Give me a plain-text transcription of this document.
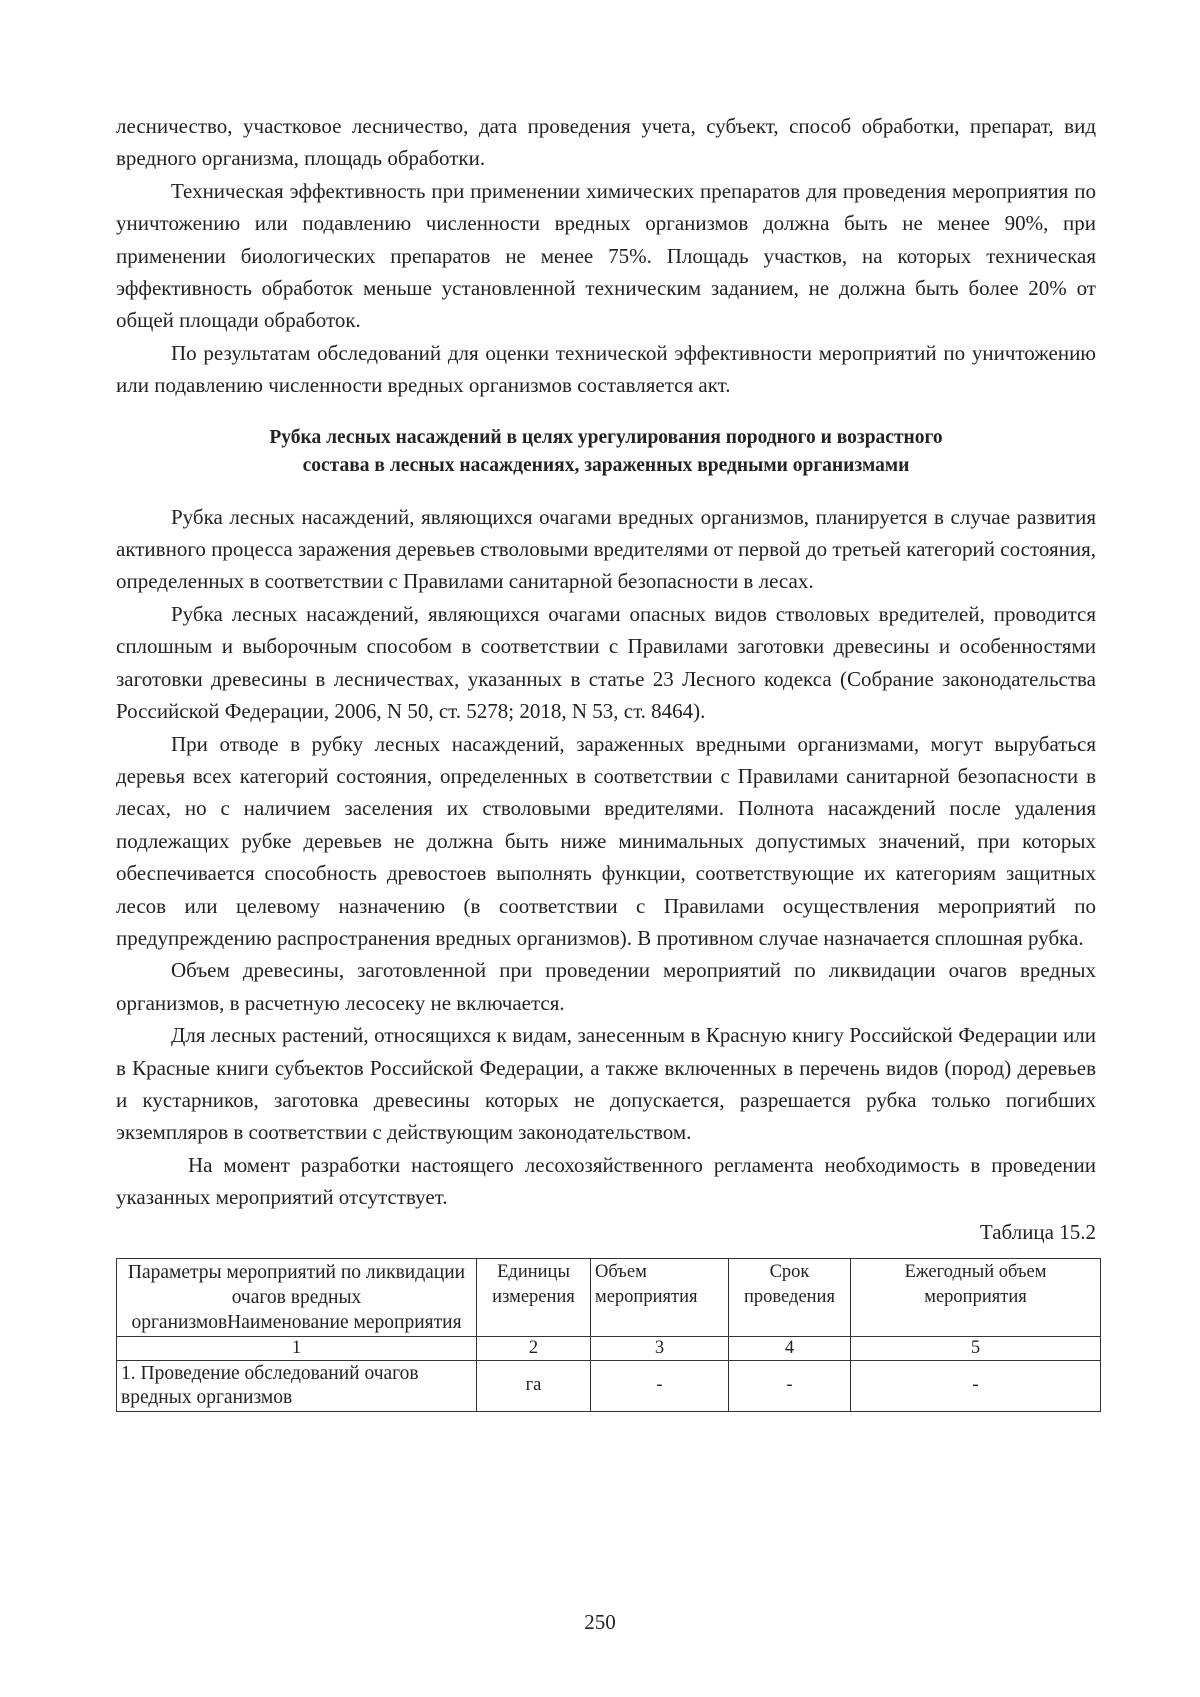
лесничество, участковое лесничество, дата проведения учета, субъект, способ обработки, препарат, вид вредного организма, площадь обработки.

Техническая эффективность при применении химических препаратов для проведения мероприятия по уничтожению или подавлению численности вредных организмов должна быть не менее 90%, при применении биологических препаратов не менее 75%. Площадь участков, на которых техническая эффективность обработок меньше установленной техническим заданием, не должна быть более 20% от общей площади обработок.

По результатам обследований для оценки технической эффективности мероприятий по уничтожению или подавлению численности вредных организмов составляется акт.

Рубка лесных насаждений в целях урегулирования породного и возрастного
состава в лесных насаждениях, зараженных вредными организмами

Рубка лесных насаждений, являющихся очагами вредных организмов, планируется в случае развития активного процесса заражения деревьев стволовыми вредителями от первой до третьей категорий состояния, определенных в соответствии с Правилами санитарной безопасности в лесах.

Рубка лесных насаждений, являющихся очагами опасных видов стволовых вредителей, проводится сплошным и выборочным способом в соответствии с Правилами заготовки древесины и особенностями заготовки древесины в лесничествах, указанных в статье 23 Лесного кодекса (Собрание законодательства Российской Федерации, 2006, N 50, ст. 5278; 2018, N 53, ст. 8464).

При отводе в рубку лесных насаждений, зараженных вредными организмами, могут вырубаться деревья всех категорий состояния, определенных в соответствии с Правилами санитарной безопасности в лесах, но с наличием заселения их стволовыми вредителями. Полнота насаждений после удаления подлежащих рубке деревьев не должна быть ниже минимальных допустимых значений, при которых обеспечивается способность древостоев выполнять функции, соответствующие их категориям защитных лесов или целевому назначению (в соответствии с Правилами осуществления мероприятий по предупреждению распространения вредных организмов). В противном случае назначается сплошная рубка.

Объем древесины, заготовленной при проведении мероприятий по ликвидации очагов вредных организмов, в расчетную лесосеку не включается.

Для лесных растений, относящихся к видам, занесенным в Красную книгу Российской Федерации или в Красные книги субъектов Российской Федерации, а также включенных в перечень видов (пород) деревьев и кустарников, заготовка древесины которых не допускается, разрешается рубка только погибших экземпляров в соответствии с действующим законодательством.

На момент разработки настоящего лесохозяйственного регламента необходимость в проведении указанных мероприятий отсутствует.

Таблица 15.2
Параметры мероприятий по ликвидации очагов вредных организмовНаименование мероприятия	Единицы измерения	Объем мероприятия	Срок проведения	Ежегодный объем мероприятия
1	2	3	4	5
1. Проведение обследований очагов вредных организмов	га	-	-	-
250
